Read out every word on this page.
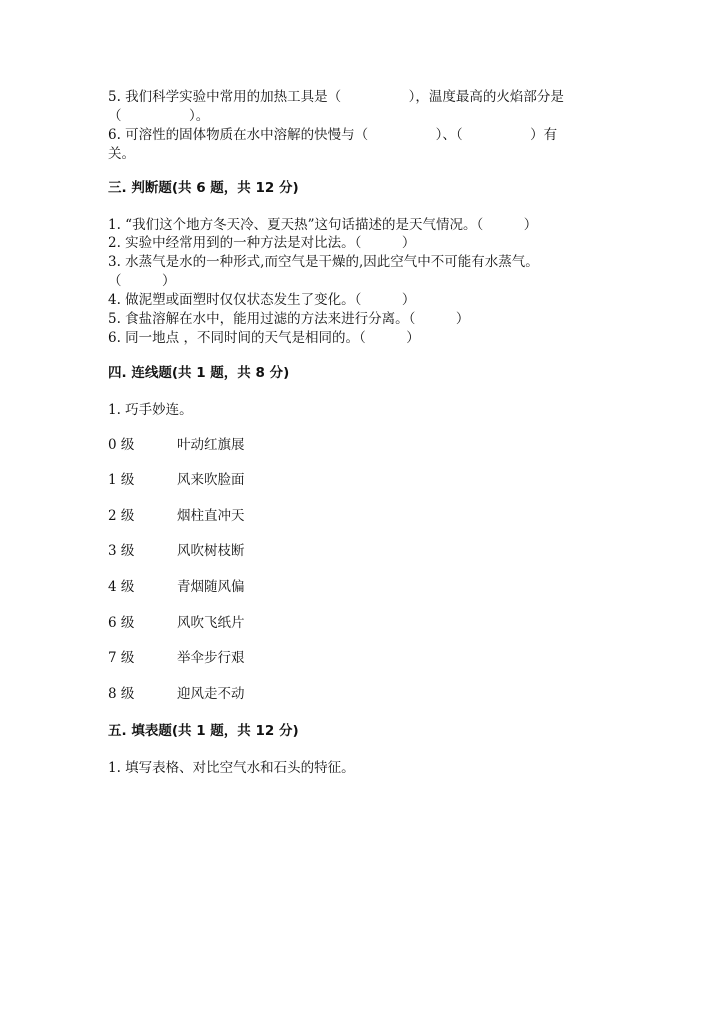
5. 我们科学实验中常用的加热工具是（　　　　　），温度最高的火焰部分是
（　　　　　）。
6. 可溶性的固体物质在水中溶解的快慢与（　　　　　）、（　　　　　）有
关。
三. 判断题(共 6 题，共 12 分)
1. “我们这个地方冬天冷、夏天热”这句话描述的是天气情况。（　　　）
2. 实验中经常用到的一种方法是对比法。（　　　）
3. 水蒸气是水的一种形式,而空气是干燥的,因此空气中不可能有水蒸气。
（　　　）
4. 做泥塑或面塑时仅仅状态发生了变化。（　　　）
5. 食盐溶解在水中，能用过滤的方法来进行分离。（　　　）
6. 同一地点 ，不同时间的天气是相同的。（　　　）
四. 连线题(共 1 题，共 8 分)
1. 巧手妙连。
0 级	叶动红旗展
1 级	风来吹脸面
2 级	烟柱直冲天
3 级	风吹树枝断
4 级	青烟随风偏
6 级	风吹飞纸片
7 级	举伞步行艰
8 级	迎风走不动
五. 填表题(共 1 题，共 12 分)
1. 填写表格、对比空气水和石头的特征。
